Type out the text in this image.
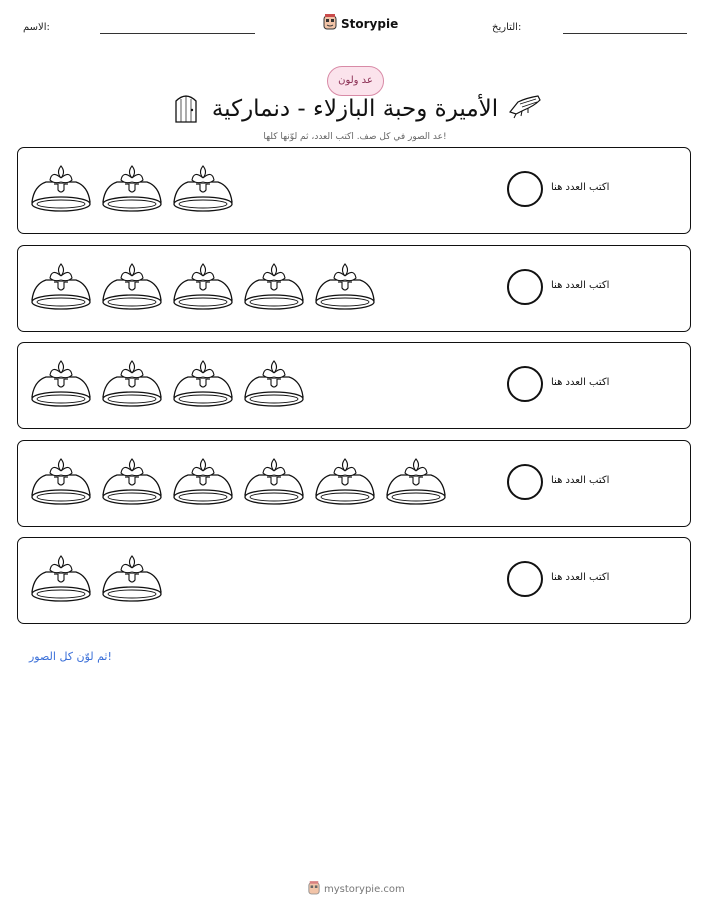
التاريخ:
Storypie
الاسم:
عد ولون
الأميرة وحبة البازلاء - دنماركية
عد الصور في كل صف. اكتب العدد، ثم لوّنها كلها!
اكتب العدد هنا
اكتب العدد هنا
اكتب العدد هنا
اكتب العدد هنا
اكتب العدد هنا
ثم لوّن كل الصور!
mystorypie.com
